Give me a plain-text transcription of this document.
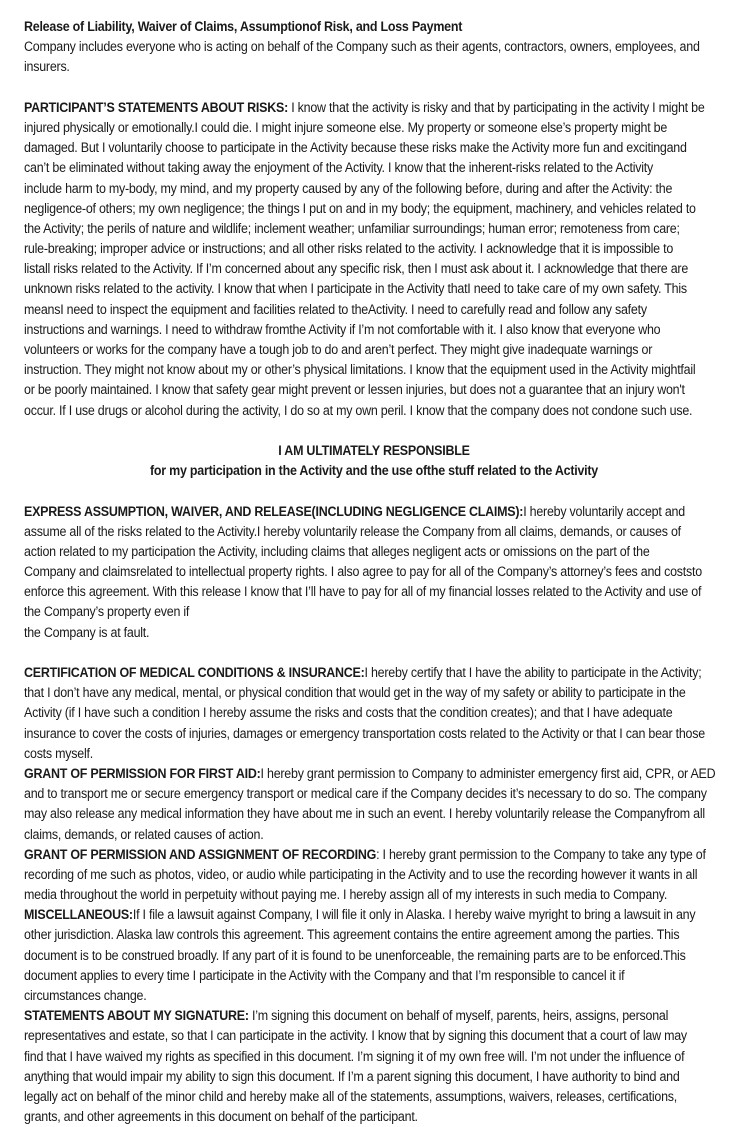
Release of Liability, Waiver of Claims, Assumptionof Risk, and Loss Payment
Company includes everyone who is acting on behalf of the Company such as their agents, contractors, owners, employees, and
insurers.
PARTICIPANT’S STATEMENTS ABOUT RISKS: I know that the activity is risky and that by participating in the activity I might be
injured physically or emotionally.I could die. I might injure someone else. My property or someone else’s property might be
damaged. But I voluntarily choose to participate in the Activity because these risks make the Activity more fun and excitingand
can’t be eliminated without taking away the enjoyment of the Activity. I know that the inherent-risks related to the Activity
include harm to my-body, my mind, and my property caused by any of the following before, during and after the Activity: the
negligence-of others; my own negligence; the things I put on and in my body; the equipment, machinery, and vehicles related to
the Activity; the perils of nature and wildlife; inclement weather; unfamiliar surroundings; human error; remoteness from care;
rule-breaking; improper advice or instructions; and all other risks related to the activity. I acknowledge that it is impossible to
listall risks related to the Activity. If I’m concerned about any specific risk, then I must ask about it. I acknowledge that there are
unknown risks related to the activity. I know that when I participate in the Activity thatI need to take care of my own safety. This
meansI need to inspect the equipment and facilities related to theActivity. I need to carefully read and follow any safety
instructions and warnings. I need to withdraw fromthe Activity if I’m not comfortable with it. I also know that everyone who
volunteers or works for the company have a tough job to do and aren’t perfect. They might give inadequate warnings or
instruction. They might not know about my or other’s physical limitations. I know that the equipment used in the Activity mightfail
or be poorly maintained. I know that safety gear might prevent or lessen injuries, but does not a guarantee that an injury won't
occur. If I use drugs or alcohol during the activity, I do so at my own peril. I know that the company does not condone such use.
I AM ULTIMATELY RESPONSIBLE
for my participation in the Activity and the use ofthe stuff related to the Activity
EXPRESS ASSUMPTION, WAIVER, AND RELEASE(INCLUDING NEGLIGENCE CLAIMS):I hereby voluntarily accept and
assume all of the risks related to the Activity.I hereby voluntarily release the Company from all claims, demands, or causes of
action related to my participation the Activity, including claims that alleges negligent acts or omissions on the part of the
Company and claimsrelated to intellectual property rights. I also agree to pay for all of the Company’s attorney’s fees and coststo
enforce this agreement. With this release I know that I’ll have to pay for all of my financial losses related to the Activity and use of
the Company’s property even if
the Company is at fault.
CERTIFICATION OF MEDICAL CONDITIONS & INSURANCE:I hereby certify that I have the ability to participate in the Activity;
that I don’t have any medical, mental, or physical condition that would get in the way of my safety or ability to participate in the
Activity (if I have such a condition I hereby assume the risks and costs that the condition creates); and that I have adequate
insurance to cover the costs of injuries, damages or emergency transportation costs related to the Activity or that I can bear those
costs myself.
GRANT OF PERMISSION FOR FIRST AID:I hereby grant permission to Company to administer emergency first aid, CPR, or AED
and to transport me or secure emergency transport or medical care if the Company decides it’s necessary to do so. The company
may also release any medical information they have about me in such an event. I hereby voluntarily release the Companyfrom all
claims, demands, or related causes of action.
GRANT OF PERMISSION AND ASSIGNMENT OF RECORDING: I hereby grant permission to the Company to take any type of
recording of me such as photos, video, or audio while participating in the Activity and to use the recording however it wants in all
media throughout the world in perpetuity without paying me. I hereby assign all of my interests in such media to Company.
MISCELLANEOUS:If I file a lawsuit against Company, I will file it only in Alaska. I hereby waive myright to bring a lawsuit in any
other jurisdiction. Alaska law controls this agreement. This agreement contains the entire agreement among the parties. This
document is to be construed broadly. If any part of it is found to be unenforceable, the remaining parts are to be enforced.This
document applies to every time I participate in the Activity with the Company and that I’m responsible to cancel it if
circumstances change.
STATEMENTS ABOUT MY SIGNATURE: I’m signing this document on behalf of myself, parents, heirs, assigns, personal
representatives and estate, so that I can participate in the activity. I know that by signing this document that a court of law may
find that I have waived my rights as specified in this document. I’m signing it of my own free will. I’m not under the influence of
anything that would impair my ability to sign this document. If I’m a parent signing this document, I have authority to bind and
legally act on behalf of the minor child and hereby make all of the statements, assumptions, waivers, releases, certifications,
grants, and other agreements in this document on behalf of the participant.
